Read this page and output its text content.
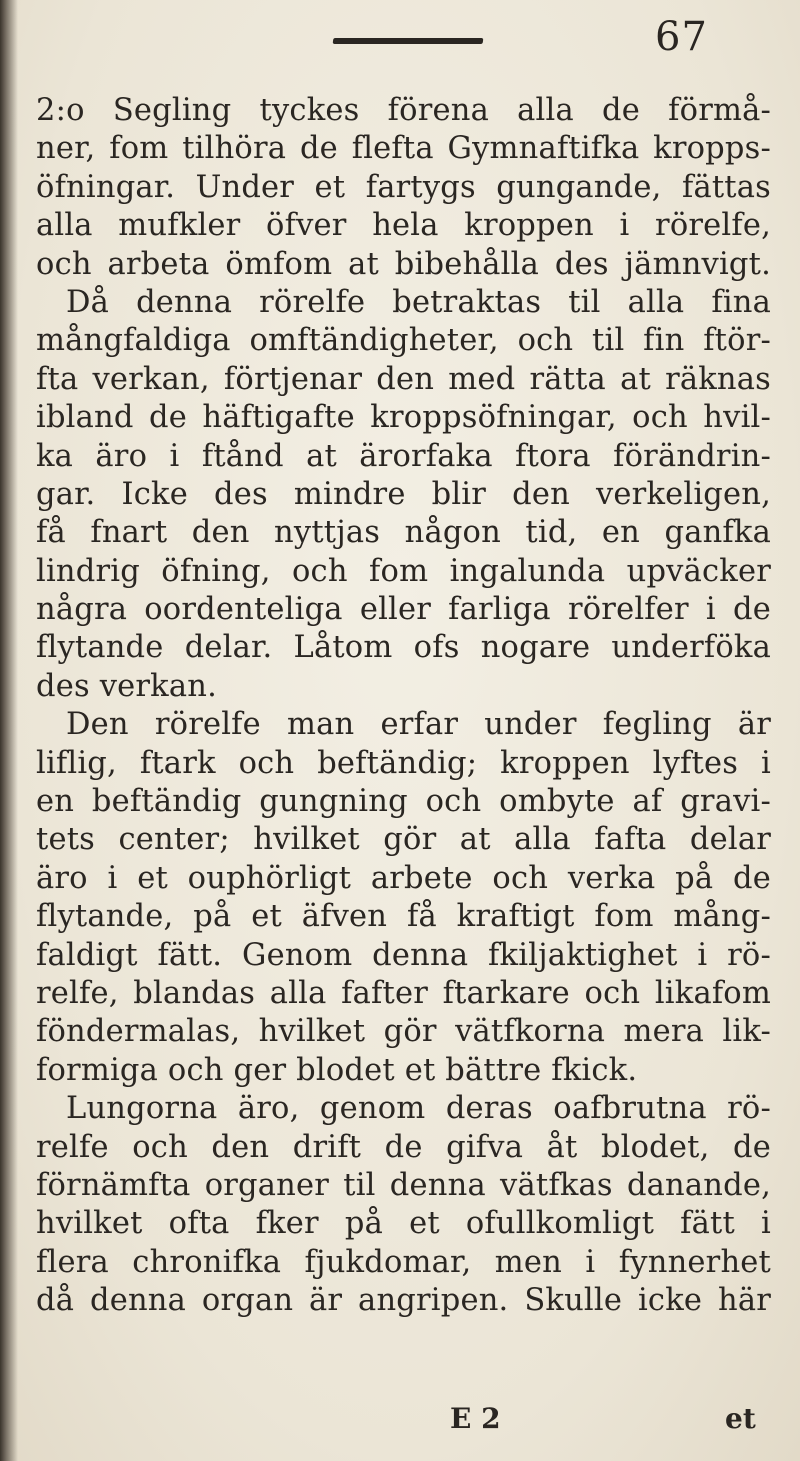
67
2:o Segling tyckes förena alla de förmå-
ner, fom tilhöra de flefta Gymnaftifka kropps-
öfningar. Under et fartygs gungande, fättas
alla mufkler öfver hela kroppen i rörelfe,
och arbeta ömfom at bibehålla des jämnvigt.
Då denna rörelfe betraktas til alla fina
mångfaldiga omftändigheter, och til fin ftör-
fta verkan, förtjenar den med rätta at räknas
ibland de häftigafte kroppsöfningar, och hvil-
ka äro i ftånd at ärorfaka ftora förändrin-
gar. Icke des mindre blir den verkeligen,
få fnart den nyttjas någon tid, en ganfka
lindrig öfning, och fom ingalunda upväcker
några oordenteliga eller farliga rörelfer i de
flytande delar. Låtom ofs nogare underföka
des verkan.
Den rörelfe man erfar under fegling är
liflig, ftark och beftändig; kroppen lyftes i
en beftändig gungning och ombyte af gravi-
tets center; hvilket gör at alla fafta delar
äro i et ouphörligt arbete och verka på de
flytande, på et äfven få kraftigt fom mång-
faldigt fätt. Genom denna fkiljaktighet i rö-
relfe, blandas alla fafter ftarkare och likafom
föndermalas, hvilket gör vätfkorna mera lik-
formiga och ger blodet et bättre fkick.
Lungorna äro, genom deras oafbrutna rö-
relfe och den drift de gifva åt blodet, de
förnämfta organer til denna vätfkas danande,
hvilket ofta fker på et ofullkomligt fätt i
flera chronifka fjukdomar, men i fynnerhet
då denna organ är angripen. Skulle icke här
E 2	et
